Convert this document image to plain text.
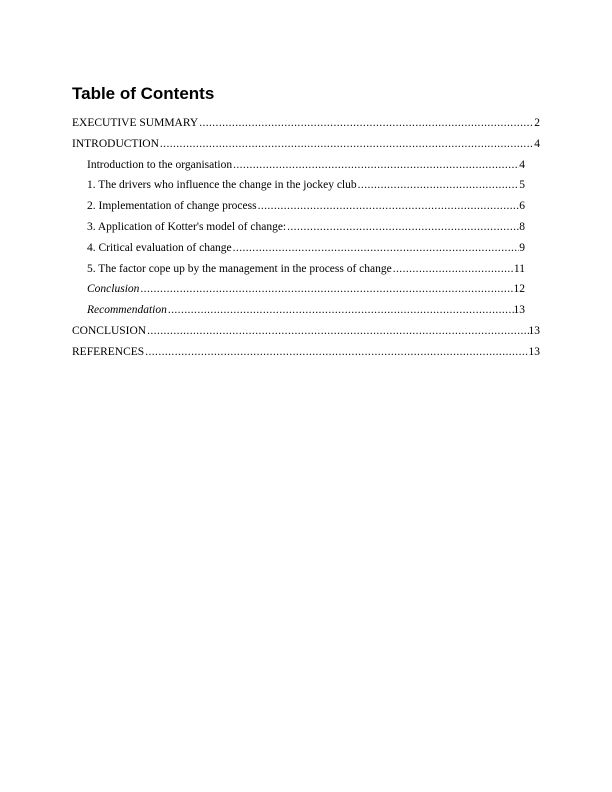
Table of Contents
EXECUTIVE SUMMARY .....	2
INTRODUCTION .....	4
Introduction to the organisation .....	4
1. The drivers who influence the change in the jockey club .....	5
2. Implementation of change process .....	6
3. Application of Kotter's model of change: .....	8
4. Critical evaluation of change .....	9
5. The factor cope up by the management in the process of change .....	11
Conclusion .....	12
Recommendation .....	13
CONCLUSION .....	13
REFERENCES .....	13
